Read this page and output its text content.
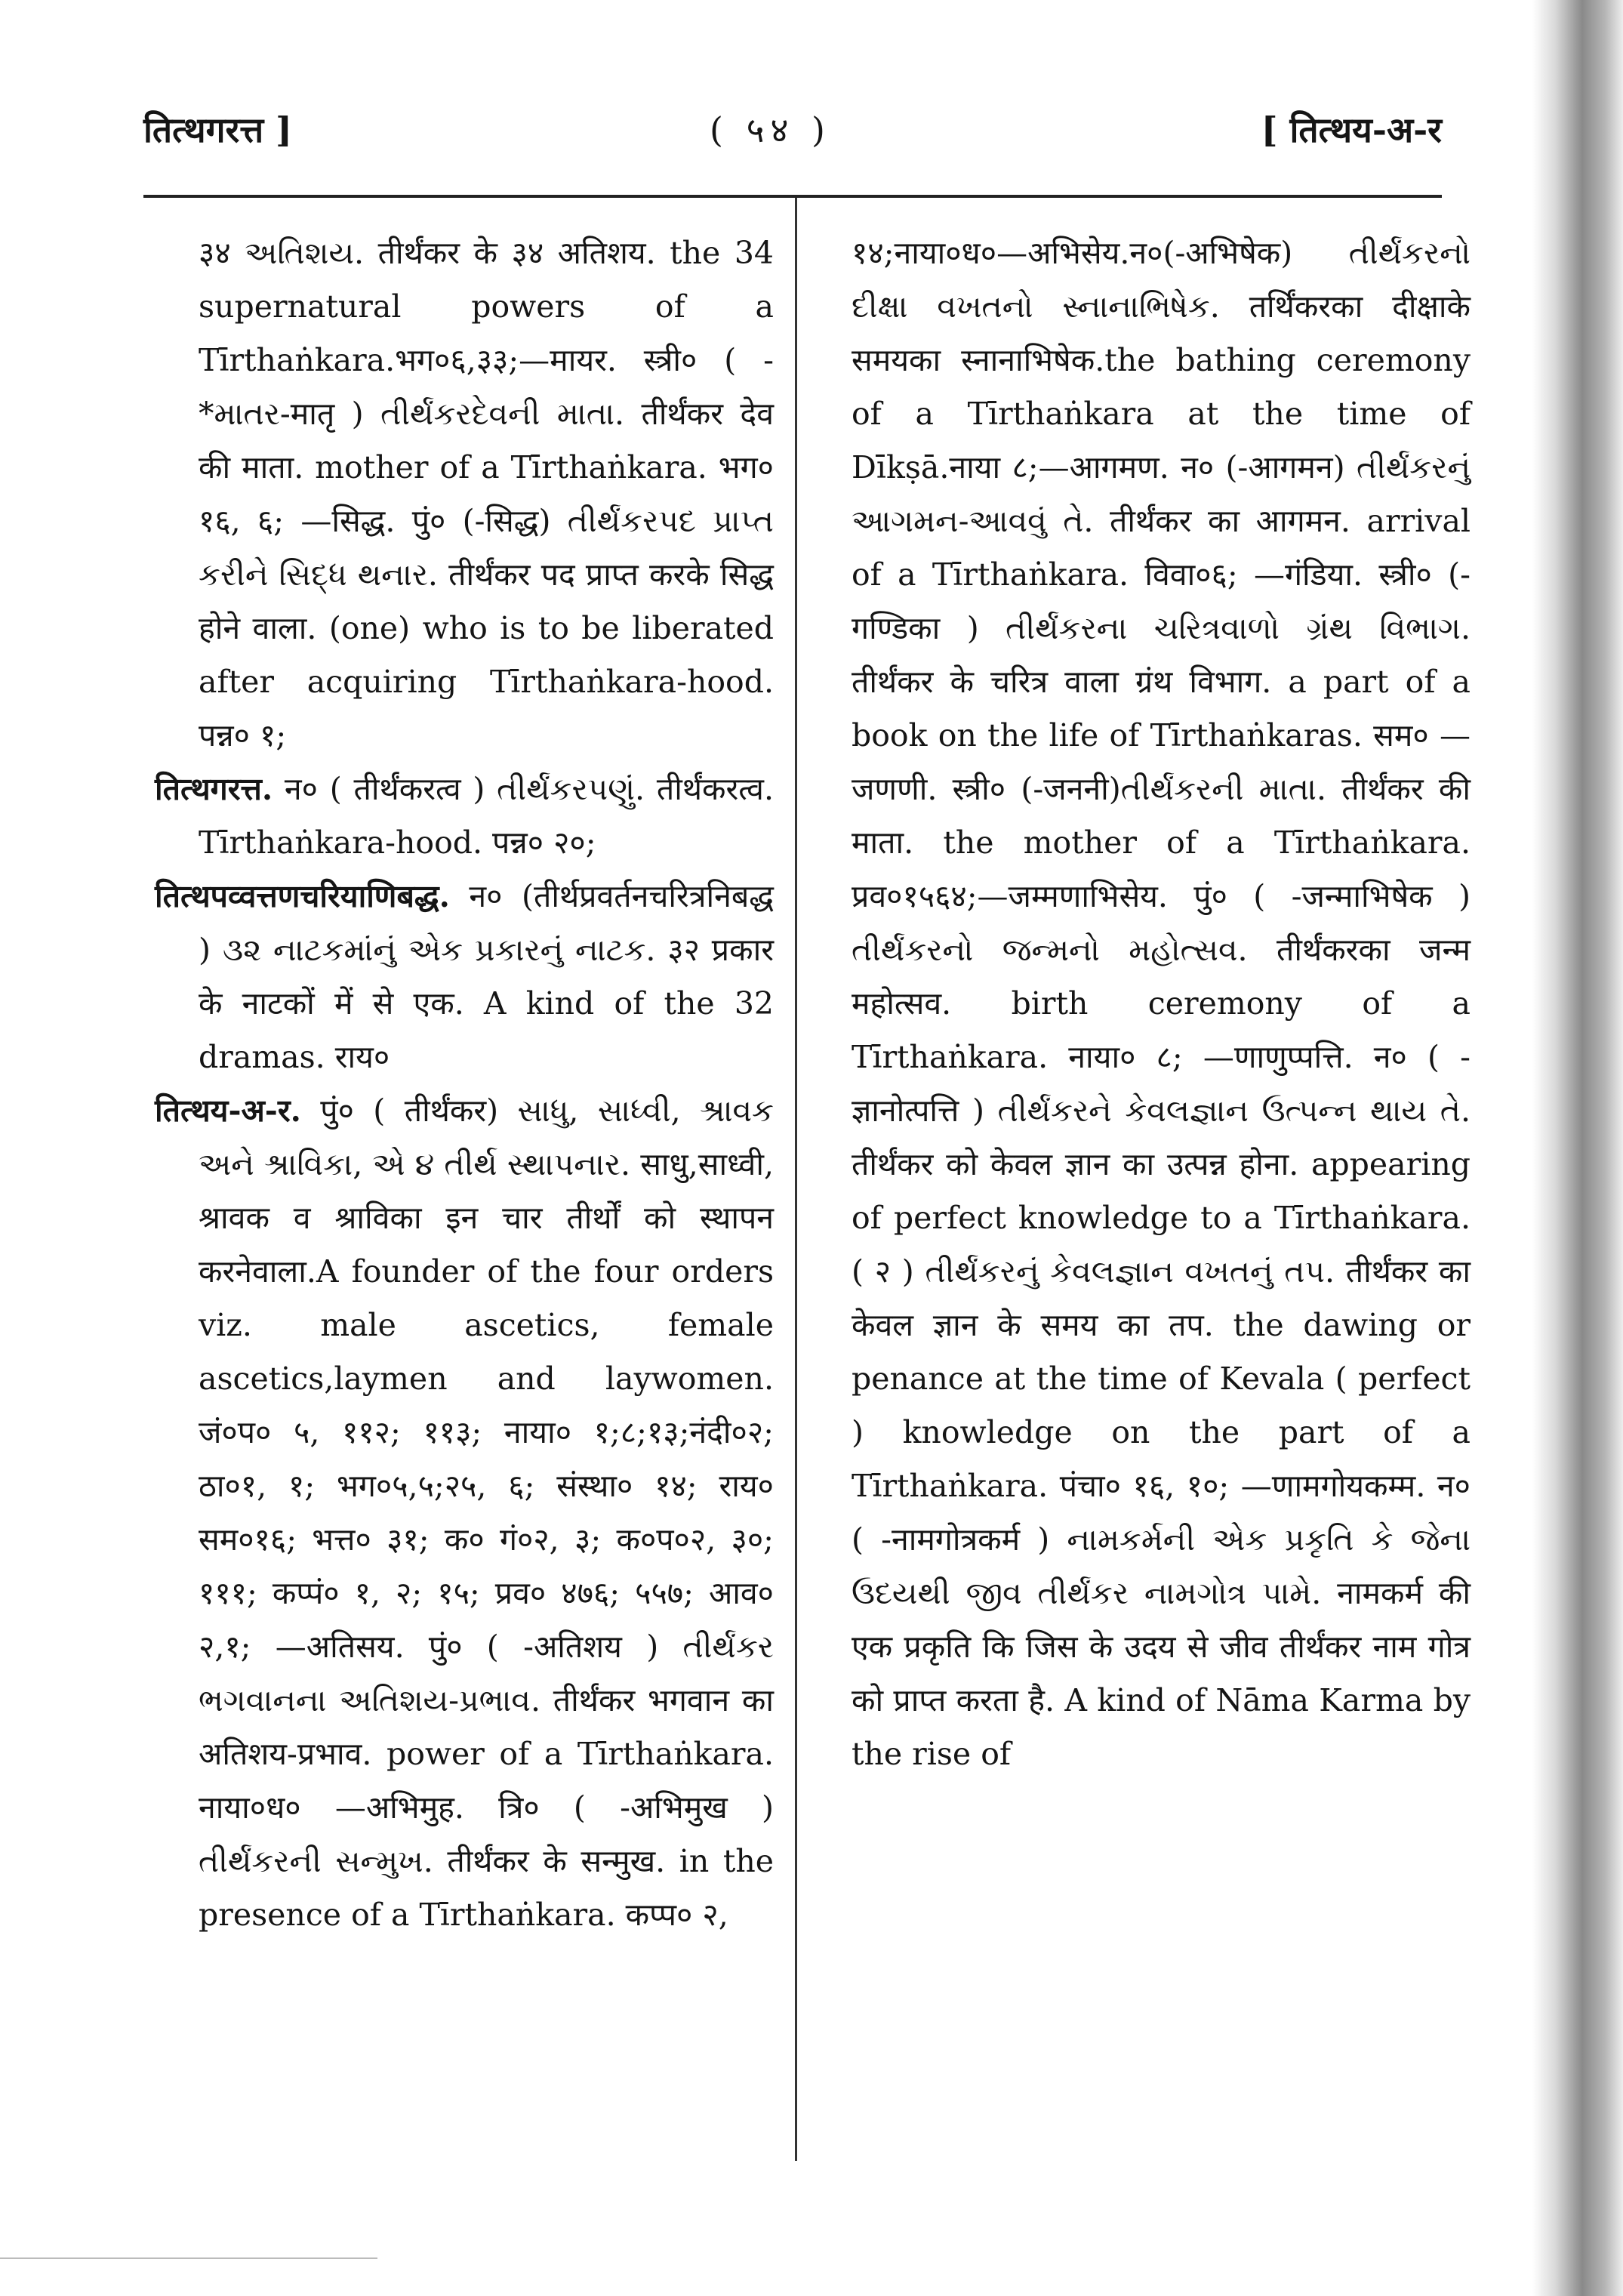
तित्थगरत्त ]	( ५४ )	[ तित्थय-अ-र

३४ અતિશય. तीर्थंकर के ३४ अतिशय. the 34 supernatural powers of a Tīrthaṅkara.भग०६,३३;—मायर. स्त्री० ( -*માતર-मातृ ) તીર્થંકરદેવની માતા. तीर्थंकर देव की माता. mother of a Tīrthaṅkara. भग० १६, ६; —सिद्ध. पुं० (-सिद्ध) તીર્થંકરપદ પ્રાપ્ત કરીને સિદ્ધ થનાર. तीर्थंकर पद प्राप्त करके सिद्ध होने वाला. (one) who is to be liberated after acquiring Tīrthaṅkara-hood. पन्न० १;

तित्थगरत्त. न० ( तीर्थंकरत्व ) તીર્થંકરપણું. तीर्थंकरत्व. Tīrthaṅkara-hood. पन्न० २०;

तित्थपव्वत्तणचरियाणिबद्ध. न० (तीर्थप्रवर्तनचरित्रनिबद्ध ) ૩૨ નાટકમાંનું એક પ્રકારનું નાટક. ३२ प्रकार के नाटकों में से एक. A kind of the 32 dramas. राय०

तित्थय-अ-र. पुं० ( तीर्थंकर) સાધુ, સાધ્વી, શ્રાવક અને શ્રાવિકા, એ ૪ તીર્થ સ્થાપનાર. साधु,साध्वी, श्रावक व श्राविका इन चार तीर्थों को स्थापन करनेवाला.A founder of the four orders viz. male ascetics, female ascetics,laymen and laywomen. जं०प० ५, ११२; ११३; नाया० १;८;१३;नंदी०२; ठा०१, १; भग०५,५;२५, ६; संस्था० १४; राय० सम०१६; भत्त० ३१; क० गं०२, ३; क०प०२, ३०; १११; कप्पं० १, २; १५; प्रव० ४७६; ५५७; आव० २,१; —अतिसय. पुं० ( -अतिशय ) તીર્થંકર ભગવાનના અતિશય-પ્રભાવ. तीर्थंकर भगवान का अतिशय-प्रभाव. power of a Tīrthaṅkara. नाया०ध० —अभिमुह. त्रि० ( -अभिमुख ) તીર્થંકરની સન્મુખ. तीर्थंकर के सन्मुख. in the presence of a Tīrthaṅkara. कप्प० २,

१४;नाया०ध०—अभिसेय.न०(-अभिषेक) તીર્થંકરનો દીક્ષા વખતનો સ્નાનાભિષેક. तर्थिंकरका दीक्षाके समयका स्नानाभिषेक.the bathing ceremony of a Tīrthaṅkara at the time of Dīkṣā.नाया ८;—आगमण. न० (-आगमन) તીર્થંકરનું આગમન-આવવું તે. तीर्थंकर का आगमन. arrival of a Tīrthaṅkara. विवा०६; —गंडिया. स्त्री० (-गण्डिका ) તીર્થંકરના ચરિત્રવાળો ગ્રંથ વિભાગ. तीर्थंकर के चरित्र वाला ग्रंथ विभाग. a part of a book on the life of Tīrthaṅkaras. सम० —जणणी. स्त्री० (-जननी)તીર્થંકરની માતા. तीर्थंकर की माता. the mother of a Tīrthaṅkara. प्रव०१५६४;—जम्मणाभिसेय. पुं० ( -जन्माभिषेक ) તીર્થંકરનો જન્મનો મહોત્સવ. तीर्थंकरका जन्म महोत्सव. birth ceremony of a Tīrthaṅkara. नाया० ८; —णाणुप्पत्ति. न० ( -ज्ञानोत्पत्ति ) તીર્થંકરને કેવલજ્ઞાન ઉત્પન્ન થાય તે. तीर्थंकर को केवल ज्ञान का उत्पन्न होना. appearing of perfect knowledge to a Tīrthaṅkara. ( २ ) તીર્થંકરનું કેવલજ્ઞાન વખતનું તપ. तीर्थंकर का केवल ज्ञान के समय का तप. the dawing or penance at the time of Kevala ( perfect ) knowledge on the part of a Tīrthaṅkara. पंचा० १६, १०; —णामगोयकम्म. न० ( -नामगोत्रकर्म ) નામકર્મની એક પ્રકૃતિ કે જેના ઉદયથી જીવ તીર્થંકર નામગોત્ર પામે. नामकर्म की एक प्रकृति कि जिस के उदय से जीव तीर्थंकर नाम गोत्र को प्राप्त करता है. A kind of Nāma Karma by the rise of
